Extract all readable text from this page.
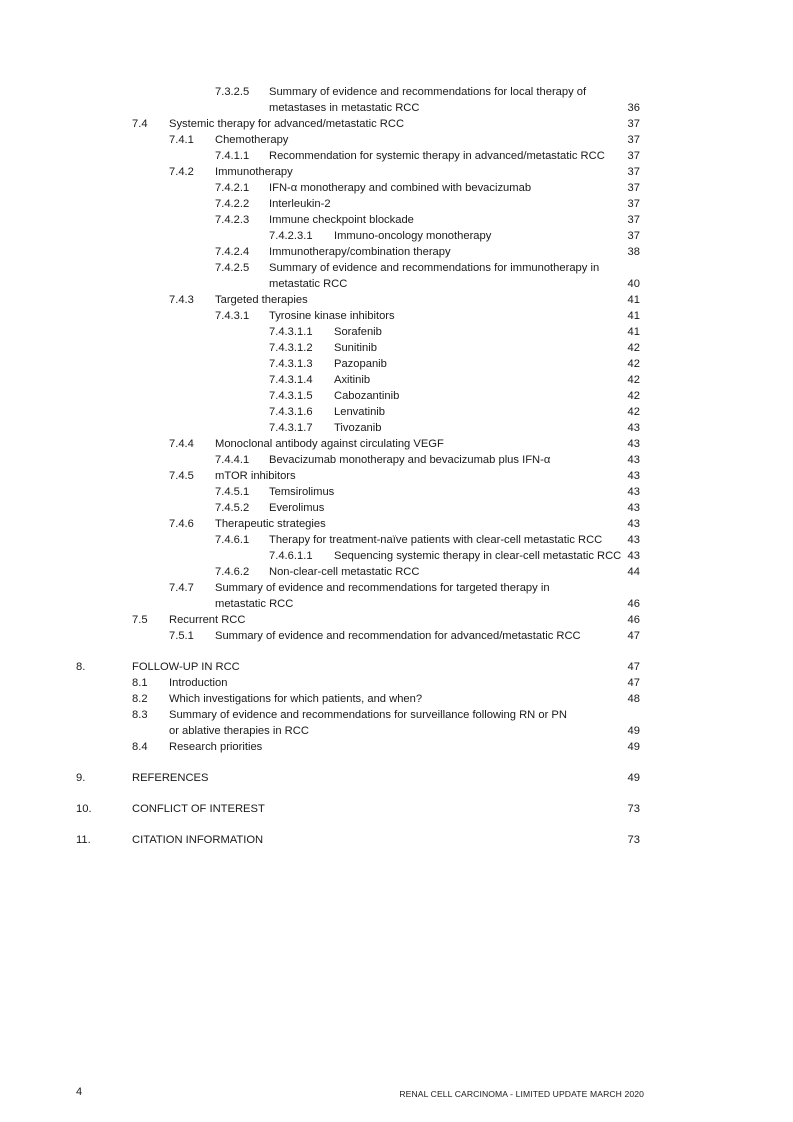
7.3.2.5 Summary of evidence and recommendations for local therapy of
metastases in metastatic RCC	36
7.4 Systemic therapy for advanced/metastatic RCC	37
7.4.1 Chemotherapy	37
7.4.1.1 Recommendation for systemic therapy in advanced/metastatic RCC 37
7.4.2 Immunotherapy	37
7.4.2.1 IFN-α monotherapy and combined with bevacizumab	37
7.4.2.2 Interleukin-2	37
7.4.2.3 Immune checkpoint blockade	37
7.4.2.3.1 Immuno-oncology monotherapy	37
7.4.2.4 Immunotherapy/combination therapy	38
7.4.2.5 Summary of evidence and recommendations for immunotherapy in
metastatic RCC	40
7.4.3 Targeted therapies	41
7.4.3.1 Tyrosine kinase inhibitors	41
7.4.3.1.1 Sorafenib	41
7.4.3.1.2 Sunitinib	42
7.4.3.1.3 Pazopanib	42
7.4.3.1.4 Axitinib	42
7.4.3.1.5 Cabozantinib	42
7.4.3.1.6 Lenvatinib	42
7.4.3.1.7 Tivozanib	43
7.4.4 Monoclonal antibody against circulating VEGF	43
7.4.4.1 Bevacizumab monotherapy and bevacizumab plus IFN-α	43
7.4.5 mTOR inhibitors	43
7.4.5.1 Temsirolimus	43
7.4.5.2 Everolimus	43
7.4.6 Therapeutic strategies	43
7.4.6.1 Therapy for treatment-naïve patients with clear-cell metastatic RCC 43
7.4.6.1.1 Sequencing systemic therapy in clear-cell metastatic RCC 43
7.4.6.2 Non-clear-cell metastatic RCC	44
7.4.7 Summary of evidence and recommendations for targeted therapy in
metastatic RCC	46
7.5 Recurrent RCC	46
7.5.1 Summary of evidence and recommendation for advanced/metastatic RCC	47
8.	FOLLOW-UP IN RCC	47
8.1 Introduction	47
8.2 Which investigations for which patients, and when?	48
8.3 Summary of evidence and recommendations for surveillance following RN or PN
or ablative therapies in RCC	49
8.4 Research priorities	49
9.	REFERENCES	49
10.	CONFLICT OF INTEREST	73
11.	CITATION INFORMATION	73
4	RENAL CELL CARCINOMA - LIMITED UPDATE MARCH 2020
